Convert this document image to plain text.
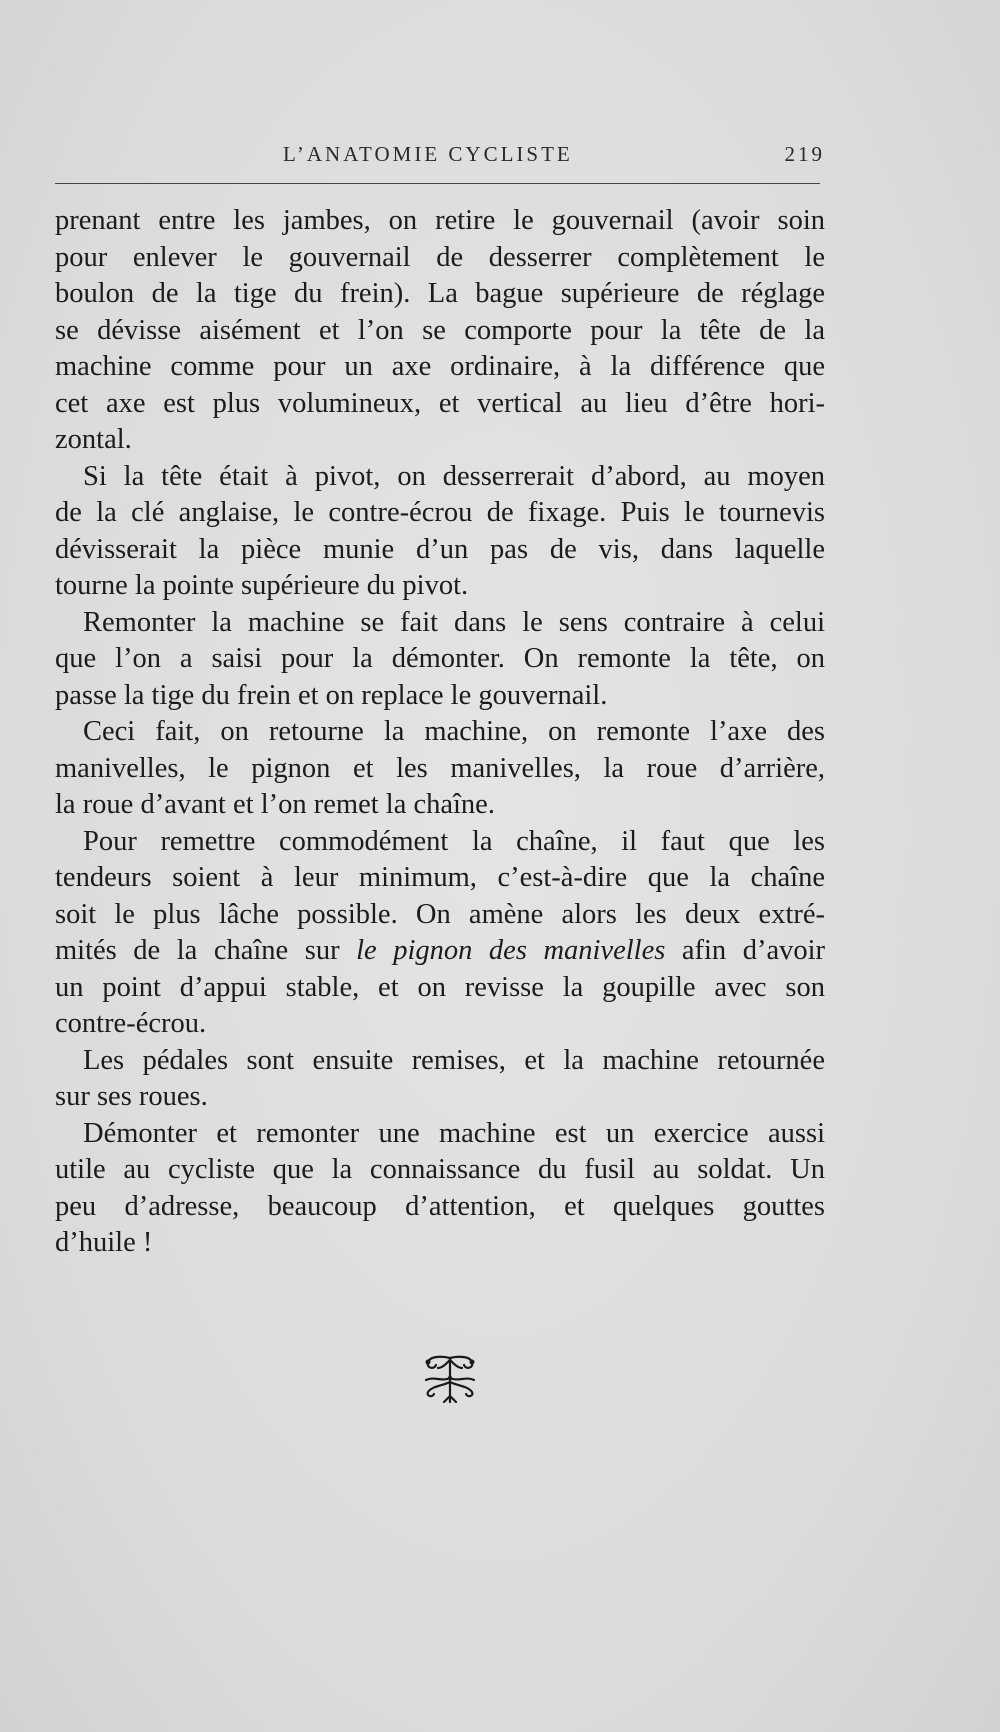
L’ANATOMIE CYCLISTE	219

prenant entre les jambes, on retire le gouvernail (avoir soin
pour enlever le gouvernail de desserrer complètement le
boulon de la tige du frein). La bague supérieure de réglage
se dévisse aisément et l’on se comporte pour la tête de la
machine comme pour un axe ordinaire, à la différence que
cet axe est plus volumineux, et vertical au lieu d’être hori-
zontal.

Si la tête était à pivot, on desserrerait d’abord, au moyen
de la clé anglaise, le contre-écrou de fixage. Puis le tournevis
dévisserait la pièce munie d’un pas de vis, dans laquelle
tourne la pointe supérieure du pivot.

Remonter la machine se fait dans le sens contraire à celui
que l’on a saisi pour la démonter. On remonte la tête, on
passe la tige du frein et on replace le gouvernail.

Ceci fait, on retourne la machine, on remonte l’axe des
manivelles, le pignon et les manivelles, la roue d’arrière,
la roue d’avant et l’on remet la chaîne.

Pour remettre commodément la chaîne, il faut que les
tendeurs soient à leur minimum, c’est-à-dire que la chaîne
soit le plus lâche possible. On amène alors les deux extré-
mités de la chaîne sur le pignon des manivelles afin d’avoir
un point d’appui stable, et on revisse la goupille avec son
contre-écrou.

Les pédales sont ensuite remises, et la machine retournée
sur ses roues.

Démonter et remonter une machine est un exercice aussi
utile au cycliste que la connaissance du fusil au soldat. Un
peu d’adresse, beaucoup d’attention, et quelques gouttes
d’huile !
